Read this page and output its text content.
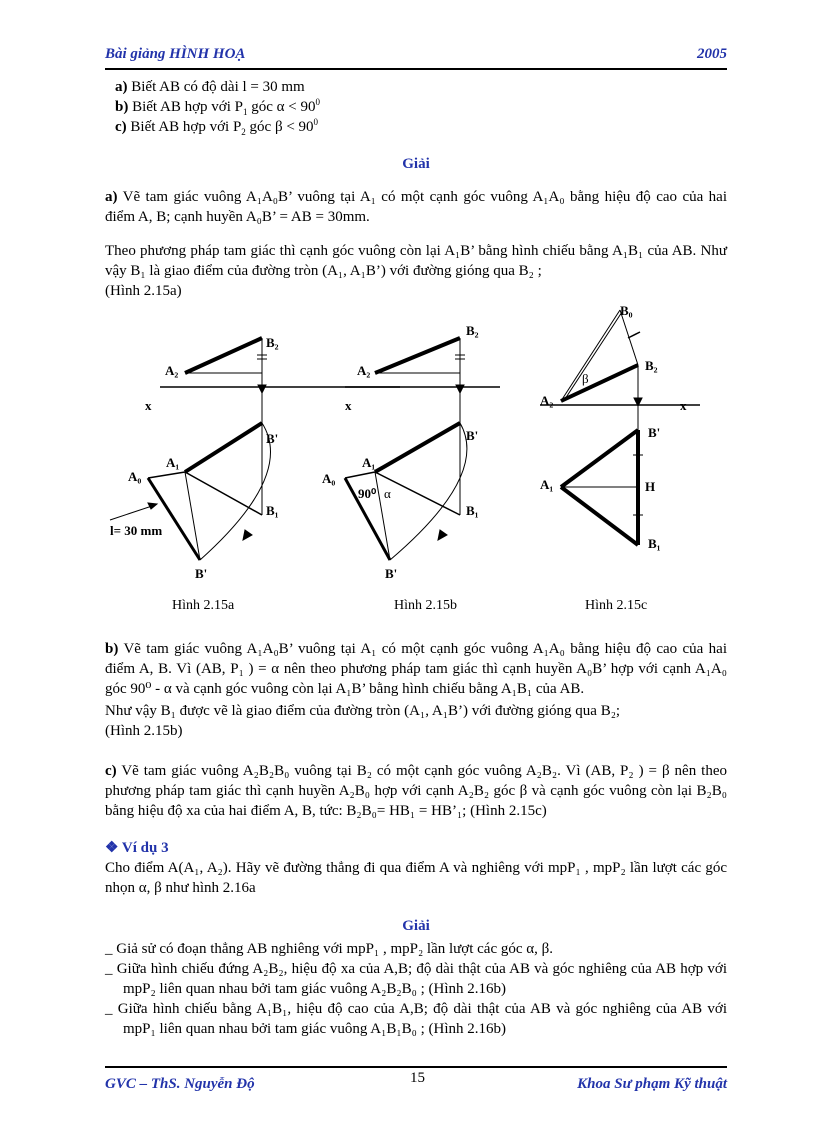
Bài giảng HÌNH HOẠ	2005
a) Biết AB có độ dài l = 30 mm
b) Biết AB hợp với $P_1$ góc $\alpha < 90^0$
c) Biết AB hợp với $P_2$ góc $\beta < 90^0$
Giải
a) Vẽ tam giác vuông A₁A₀B’ vuông tại A₁ có một cạnh góc vuông A₁A₀ bằng hiệu độ cao của hai điểm A, B; cạnh huyền A₀B’ = AB = 30mm.
Theo phương pháp tam giác thì cạnh góc vuông còn lại A₁B’ bằng hình chiếu bằng A₁B₁ của AB. Như vậy B₁ là giao điểm của đường tròn (A₁, A₁B’) với đường gióng qua B₂ ;
(Hình 2.15a)
A₂
B₂
x
B'
A₁
A₀
B₁
l= 30 mm
B'
A₂
B₂
x
B'
A₁
A₀
90⁰ α
B₁
B'
B₀
B₂
A₂	x
β
B'
A₁	H
B₁
Hình 2.15a	Hình 2.15b	Hình 2.15c
b) Vẽ tam giác vuông A₁A₀B’ vuông tại A₁ có một cạnh góc vuông A₁A₀ bằng hiệu độ cao của hai điểm A, B. Vì (AB, P₁ ) = α nên theo phương pháp tam giác thì cạnh huyền A₀B’ hợp với cạnh A₁A₀ góc 90⁰ - α và cạnh góc vuông còn lại A₁B’ bằng hình chiếu bằng A₁B₁ của AB.
Như vậy B₁ được vẽ là giao điểm của đường tròn (A₁, A₁B’) với đường gióng qua B₂;
(Hình 2.15b)
c) Vẽ tam giác vuông A₂B₂B₀ vuông tại B₂ có một cạnh góc vuông A₂B₂. Vì (AB, P₂ ) = β nên theo phương pháp tam giác thì cạnh huyền A₂B₀ hợp với cạnh A₂B₂ góc β và cạnh góc vuông còn lại B₂B₀ bằng hiệu độ xa của hai điểm A, B, tức: B₂B₀= HB₁ = HB’₁; (Hình 2.15c)
❖ Ví dụ 3
Cho điểm A(A₁, A₂). Hãy vẽ đường thẳng đi qua điểm A và nghiêng với mpP₁ , mpP₂ lần lượt các góc nhọn α, β như hình 2.16a
Giải
_ Giả sử có đoạn thẳng AB nghiêng với mpP₁ , mpP₂ lần lượt các góc α, β.
_ Giữa hình chiếu đứng A₂B₂, hiệu độ xa của A,B; độ dài thật của AB và góc nghiêng của AB hợp với mpP₂ liên quan nhau bởi tam giác vuông A₂B₂B₀ ; (Hình 2.16b)
_ Giữa hình chiếu bằng A₁B₁, hiệu độ cao của A,B; độ dài thật của AB và góc nghiêng của AB với mpP₁ liên quan nhau bởi tam giác vuông A₁B₁B₀ ; (Hình 2.16b)
GVC – ThS. Nguyễn Độ	15	Khoa Sư phạm Kỹ thuật
